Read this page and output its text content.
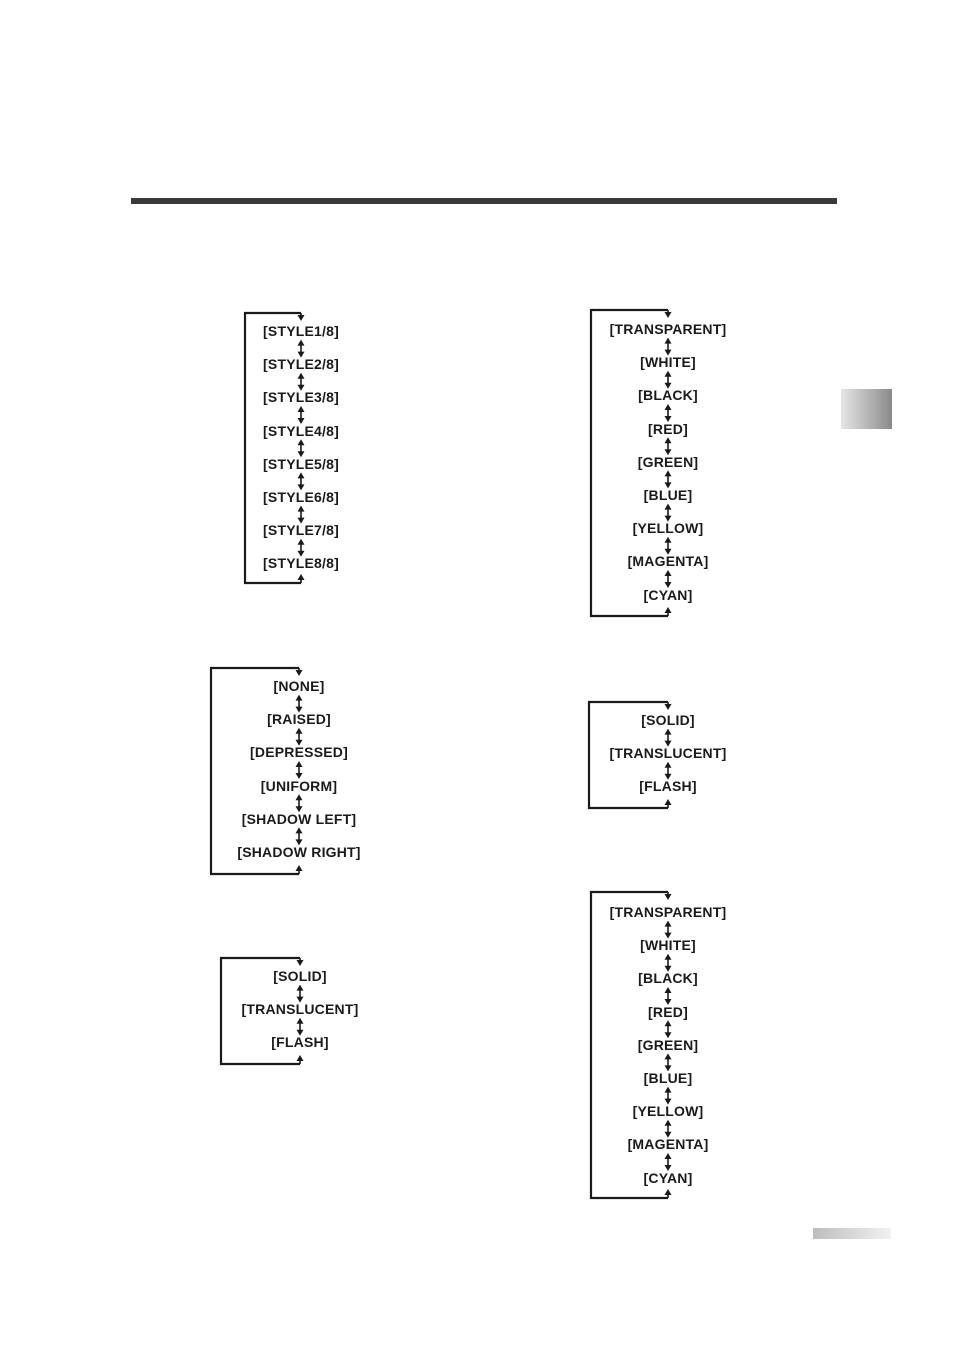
[STYLE1/8]
[STYLE2/8]
[STYLE3/8]
[STYLE4/8]
[STYLE5/8]
[STYLE6/8]
[STYLE7/8]
[STYLE8/8]
[TRANSPARENT]
[WHITE]
[BLACK]
[RED]
[GREEN]
[BLUE]
[YELLOW]
[MAGENTA]
[CYAN]
[NONE]
[RAISED]
[DEPRESSED]
[UNIFORM]
[SHADOW LEFT]
[SHADOW RIGHT]
[SOLID]
[TRANSLUCENT]
[FLASH]
[SOLID]
[TRANSLUCENT]
[FLASH]
[TRANSPARENT]
[WHITE]
[BLACK]
[RED]
[GREEN]
[BLUE]
[YELLOW]
[MAGENTA]
[CYAN]
